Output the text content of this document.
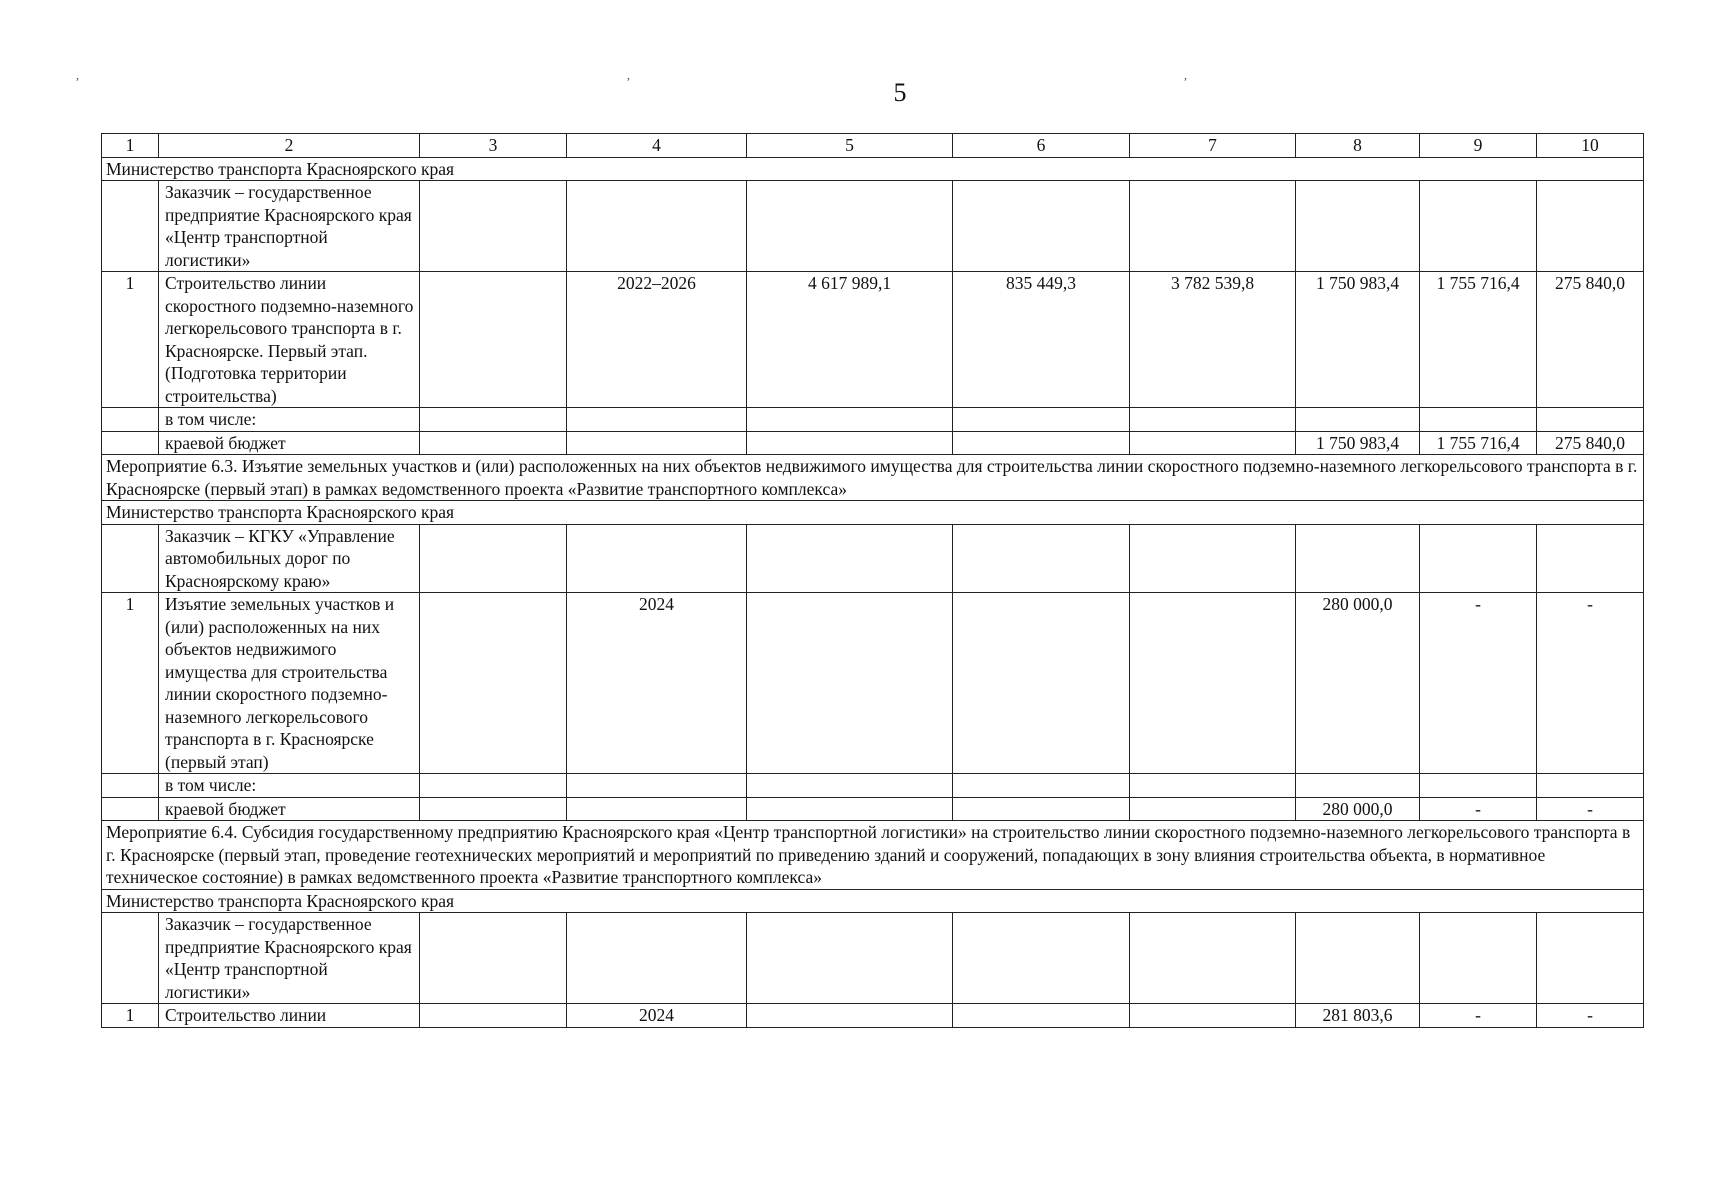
,	,	,
5
1	2	3	4	5	6	7	8	9	10
Министерство транспорта Красноярского края									
	Заказчик – государственное предприятие Красноярского края «Центр транспортной логистики»								
1	Строительство линии скоростного подземно-наземного легкорельсового транспорта в г. Красноярске. Первый этап. (Подготовка территории строительства)		2022–2026	4 617 989,1	835 449,3	3 782 539,8	1 750 983,4	1 755 716,4	275 840,0
	в том числе:								
	краевой бюджет						1 750 983,4	1 755 716,4	275 840,0
Мероприятие 6.3. Изъятие земельных участков и (или) расположенных на них объектов недвижимого имущества для строительства линии скоростного подземно-наземного легкорельсового транспорта в г. Красноярске (первый этап) в рамках ведомственного проекта «Развитие транспортного комплекса»									
Министерство транспорта Красноярского края									
	Заказчик – КГКУ «Управление автомобильных дорог по Красноярскому краю»								
1	Изъятие земельных участков и (или) расположенных на них объектов недвижимого имущества для строительства линии скоростного подземно-наземного легкорельсового транспорта в г. Красноярске (первый этап)		2024				280 000,0	-	-
	в том числе:								
	краевой бюджет						280 000,0	-	-
Мероприятие 6.4. Субсидия государственному предприятию Красноярского края «Центр транспортной логистики» на строительство линии скоростного подземно-наземного легкорельсового транспорта в г. Красноярске (первый этап, проведение геотехнических мероприятий и мероприятий по приведению зданий и сооружений, попадающих в зону влияния строительства объекта, в нормативное техническое состояние) в рамках ведомственного проекта «Развитие транспортного комплекса»									
Министерство транспорта Красноярского края									
	Заказчик – государственное предприятие Красноярского края «Центр транспортной логистики»								
1	Строительство линии		2024				281 803,6	-	-
